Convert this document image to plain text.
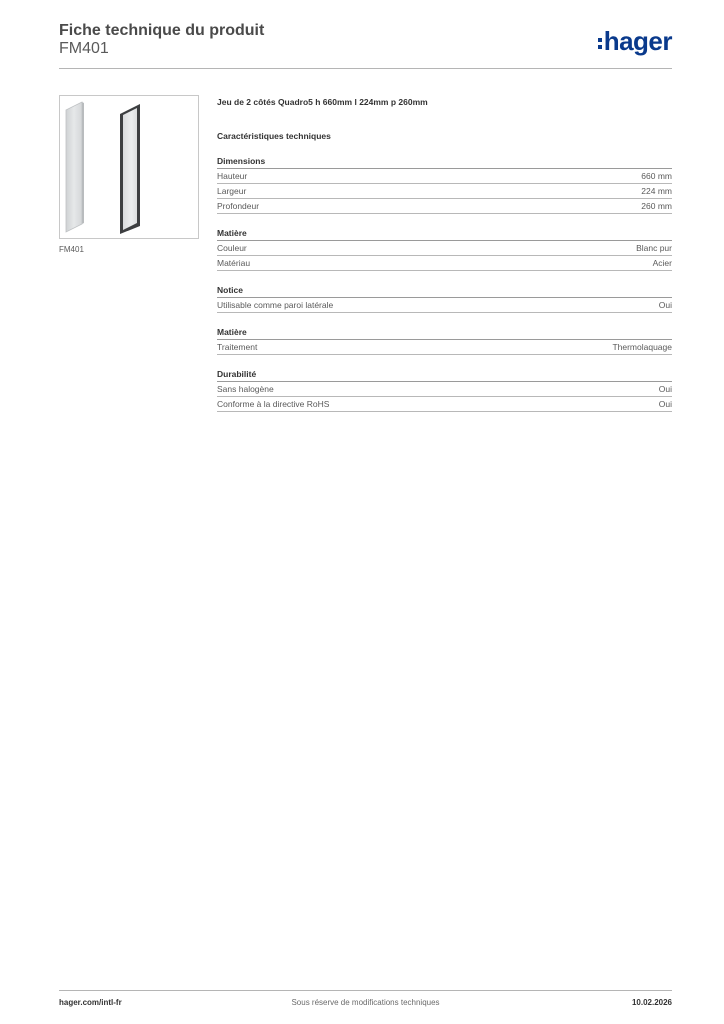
Fiche technique du produit
FM401	hager
FM401
Jeu de 2 côtés Quadro5 h 660mm l 224mm p 260mm
Caractéristiques techniques
Dimensions
Hauteur	660 mm
Largeur	224 mm
Profondeur	260 mm
Matière
Couleur	Blanc pur
Matériau	Acier
Notice
Utilisable comme paroi latérale	Oui
Matière
Traitement	Thermolaquage
Durabilité
Sans halogène	Oui
Conforme à la directive RoHS	Oui
Sous réserve de modifications techniques
hager.com/intl-fr	10.02.2026
